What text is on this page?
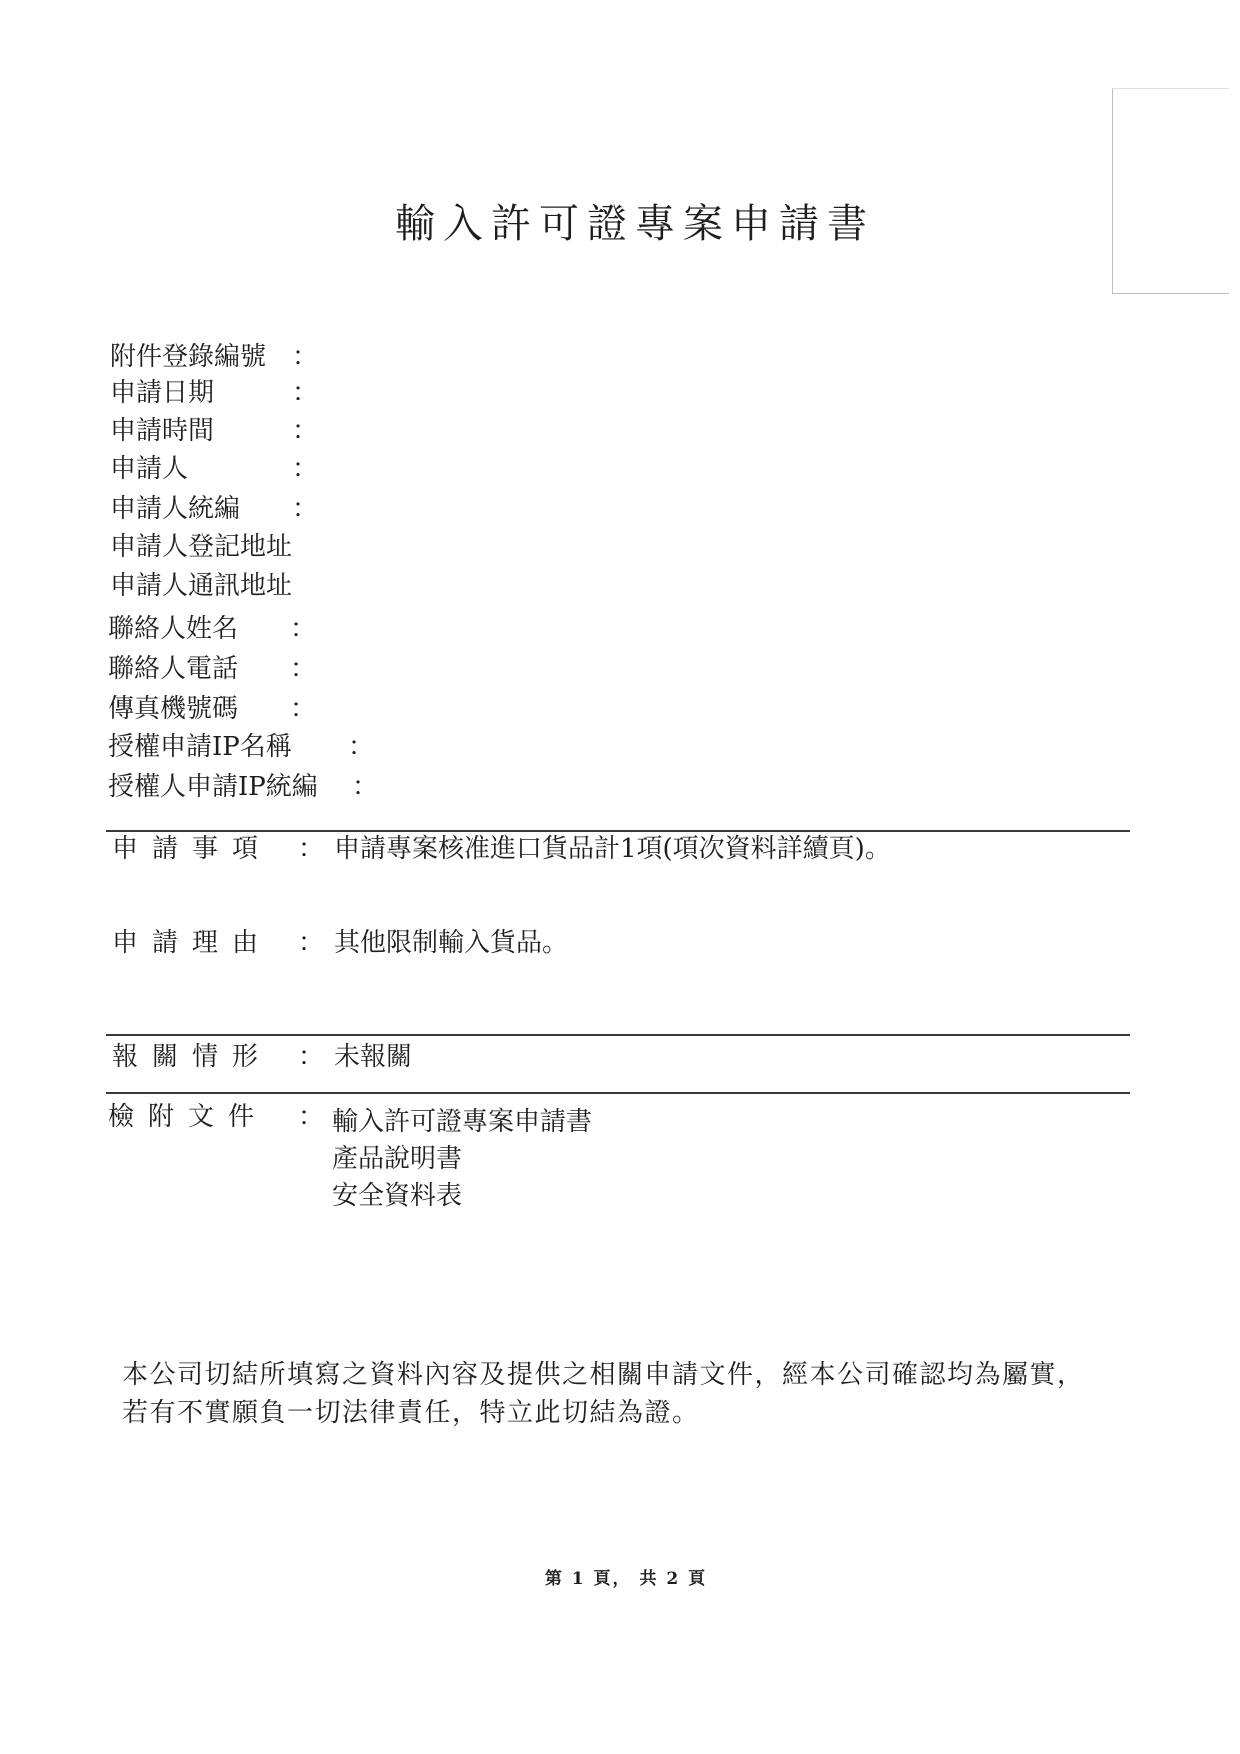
輸入許可證專案申請書
附件登錄編號 ：
申請日期	：
申請時間	：
申請人	：
申請人統編 ：
申請人登記地址
申請人通訊地址
聯絡人姓名 ：
聯絡人電話 ：
傳真機號碼 ：
授權申請IP名稱 ：
授權人申請IP統編 ：
申請事項 ： 申請專案核准進口貨品計1項(項次資料詳續頁)。
申請理由 ： 其他限制輸入貨品。
報關情形 ： 未報關
檢附文件 ： 輸入許可證專案申請書
產品說明書
安全資料表
本公司切結所填寫之資料內容及提供之相關申請文件，經本公司確認均為屬實，若有不實願負一切法律責任，特立此切結為證。
第 1 頁， 共 2 頁
